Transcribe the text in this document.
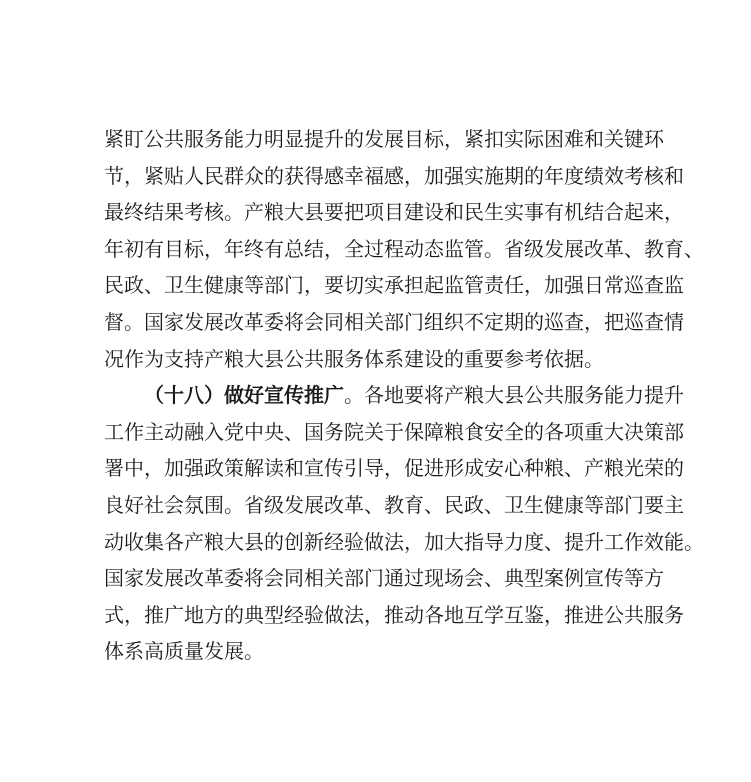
紧盯公共服务能力明显提升的发展目标，紧扣实际困难和关键环
节，紧贴人民群众的获得感幸福感，加强实施期的年度绩效考核和
最终结果考核。产粮大县要把项目建设和民生实事有机结合起来，
年初有目标，年终有总结，全过程动态监管。省级发展改革、教育、
民政、卫生健康等部门，要切实承担起监管责任，加强日常巡查监
督。国家发展改革委将会同相关部门组织不定期的巡查，把巡查情
况作为支持产粮大县公共服务体系建设的重要参考依据。
（十八）做好宣传推广。各地要将产粮大县公共服务能力提升
工作主动融入党中央、国务院关于保障粮食安全的各项重大决策部
署中，加强政策解读和宣传引导，促进形成安心种粮、产粮光荣的
良好社会氛围。省级发展改革、教育、民政、卫生健康等部门要主
动收集各产粮大县的创新经验做法，加大指导力度、提升工作效能。
国家发展改革委将会同相关部门通过现场会、典型案例宣传等方
式，推广地方的典型经验做法，推动各地互学互鉴，推进公共服务
体系高质量发展。
